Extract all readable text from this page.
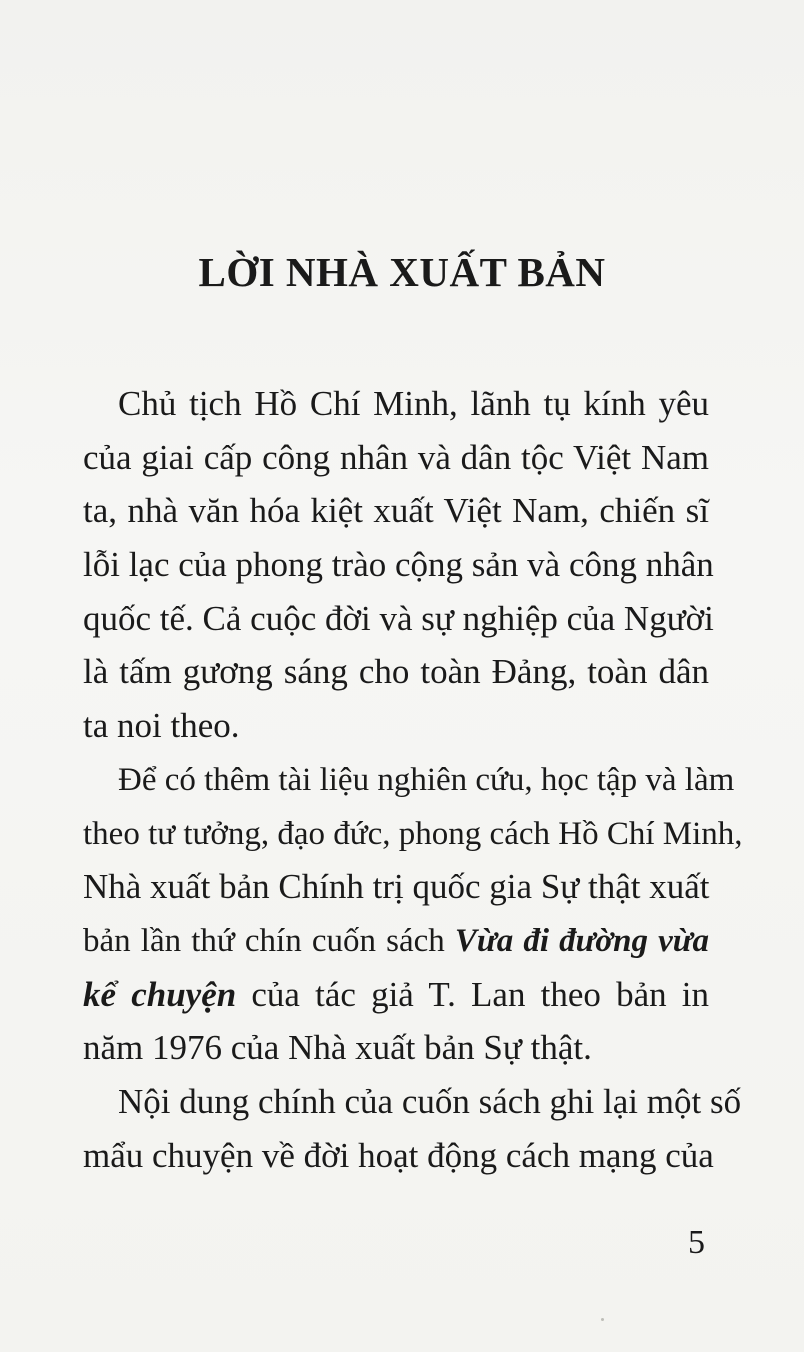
LỜI NHÀ XUẤT BẢN

Chủ tịch Hồ Chí Minh, lãnh tụ kính yêu

của giai cấp công nhân và dân tộc Việt Nam

ta, nhà văn hóa kiệt xuất Việt Nam, chiến sĩ

lỗi lạc của phong trào cộng sản và công nhân

quốc tế. Cả cuộc đời và sự nghiệp của Người

là tấm gương sáng cho toàn Đảng, toàn dân

ta noi theo.

Để có thêm tài liệu nghiên cứu, học tập và làm

theo tư tưởng, đạo đức, phong cách Hồ Chí Minh,

Nhà xuất bản Chính trị quốc gia Sự thật xuất

bản lần thứ chín cuốn sách Vừa đi đường vừa

kể chuyện của tác giả T. Lan theo bản in

năm 1976 của Nhà xuất bản Sự thật.

Nội dung chính của cuốn sách ghi lại một số

mẩu chuyện về đời hoạt động cách mạng của

5
